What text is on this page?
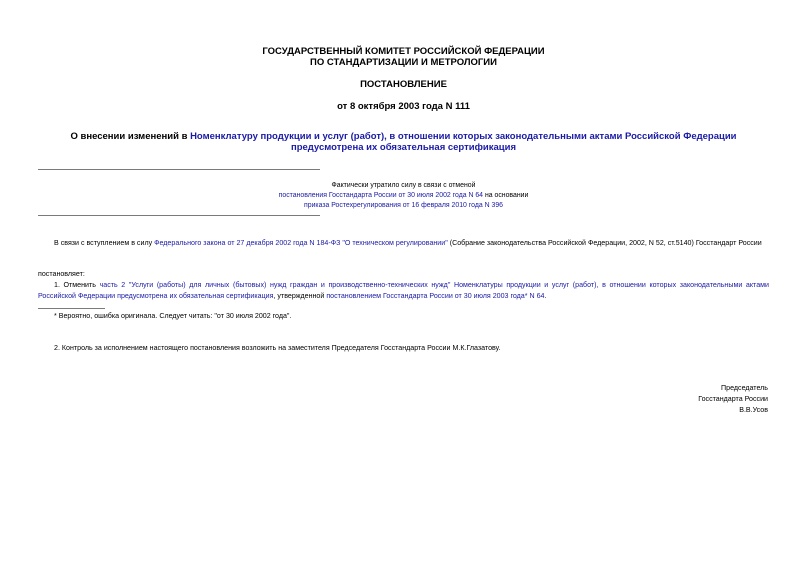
ГОСУДАРСТВЕННЫЙ КОМИТЕТ РОССИЙСКОЙ ФЕДЕРАЦИИ
ПО СТАНДАРТИЗАЦИИ И МЕТРОЛОГИИ
ПОСТАНОВЛЕНИЕ
от 8 октября 2003 года N 111
О внесении изменений в Номенклатуру продукции и услуг (работ), в отношении которых законодательными актами Российской Федерации предусмотрена их обязательная сертификация
Фактически утратило силу в связи с отменой
постановления Госстандарта России от 30 июля 2002 года N 64 на основании
приказа Ростехрегулирования от 16 февраля 2010 года N 396
В связи с вступлением в силу Федерального закона от 27 декабря 2002 года N 184-ФЗ "О техническом регулировании" (Собрание законодательства Российской Федерации, 2002, N 52, ст.5140) Госстандарт России
постановляет:
1. Отменить часть 2 "Услуги (работы) для личных (бытовых) нужд граждан и производственно-технических нужд" Номенклатуры продукции и услуг (работ), в отношении которых законодательными актами Российской Федерации предусмотрена их обязательная сертификация, утвержденной постановлением Госстандарта России от 30 июля 2003 года* N 64.
* Вероятно, ошибка оригинала. Следует читать: "от 30 июля 2002 года".
2. Контроль за исполнением настоящего постановления возложить на заместителя Председателя Госстандарта России М.К.Глазатову.
Председатель
Госстандарта России
В.В.Усов
